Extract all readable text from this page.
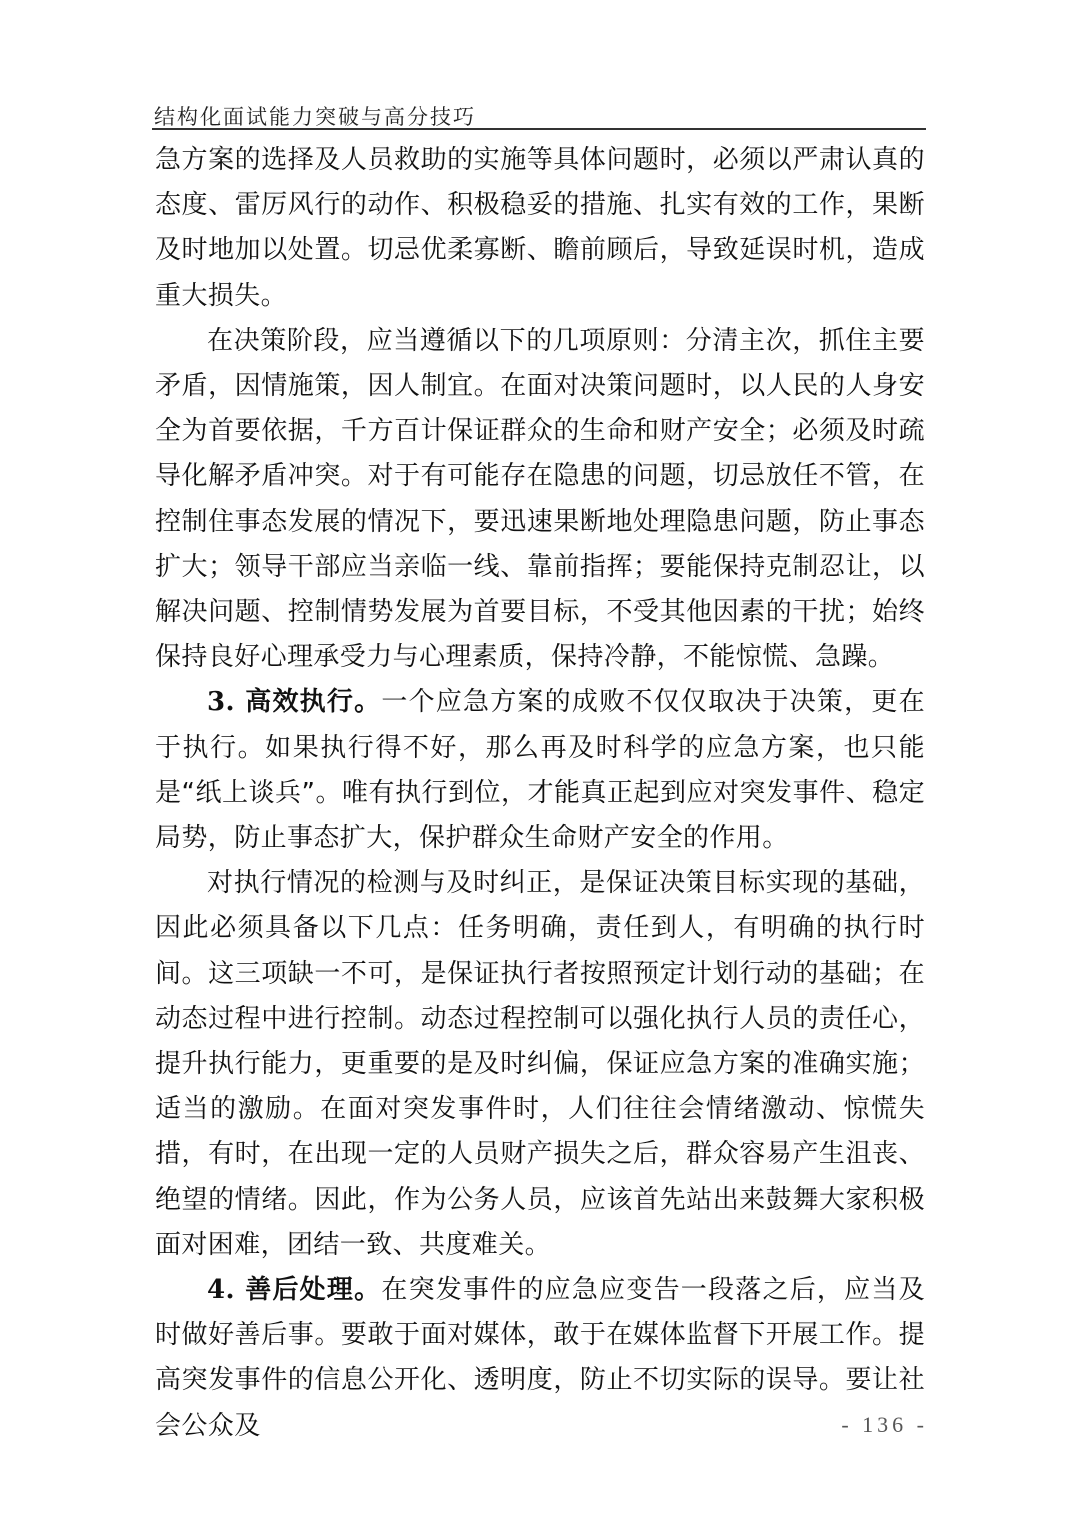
结构化面试能力突破与高分技巧

急方案的选择及人员救助的实施等具体问题时，必须以严肃认真的态度、雷厉风行的动作、积极稳妥的措施、扎实有效的工作，果断及时地加以处置。切忌优柔寡断、瞻前顾后，导致延误时机，造成重大损失。

在决策阶段，应当遵循以下的几项原则：分清主次，抓住主要矛盾，因情施策，因人制宜。在面对决策问题时，以人民的人身安全为首要依据，千方百计保证群众的生命和财产安全；必须及时疏导化解矛盾冲突。对于有可能存在隐患的问题，切忌放任不管，在控制住事态发展的情况下，要迅速果断地处理隐患问题，防止事态扩大；领导干部应当亲临一线、靠前指挥；要能保持克制忍让，以解决问题、控制情势发展为首要目标，不受其他因素的干扰；始终保持良好心理承受力与心理素质，保持冷静，不能惊慌、急躁。

3. 高效执行。一个应急方案的成败不仅仅取决于决策，更在于执行。如果执行得不好，那么再及时科学的应急方案，也只能是“纸上谈兵”。唯有执行到位，才能真正起到应对突发事件、稳定局势，防止事态扩大，保护群众生命财产安全的作用。

对执行情况的检测与及时纠正，是保证决策目标实现的基础，因此必须具备以下几点：任务明确，责任到人，有明确的执行时间。这三项缺一不可，是保证执行者按照预定计划行动的基础；在动态过程中进行控制。动态过程控制可以强化执行人员的责任心，提升执行能力，更重要的是及时纠偏，保证应急方案的准确实施；适当的激励。在面对突发事件时，人们往往会情绪激动、惊慌失措，有时，在出现一定的人员财产损失之后，群众容易产生沮丧、绝望的情绪。因此，作为公务人员，应该首先站出来鼓舞大家积极面对困难，团结一致、共度难关。

4. 善后处理。在突发事件的应急应变告一段落之后，应当及时做好善后事。要敢于面对媒体，敢于在媒体监督下开展工作。提高突发事件的信息公开化、透明度，防止不切实际的误导。要让社会公众及	- 136 -
